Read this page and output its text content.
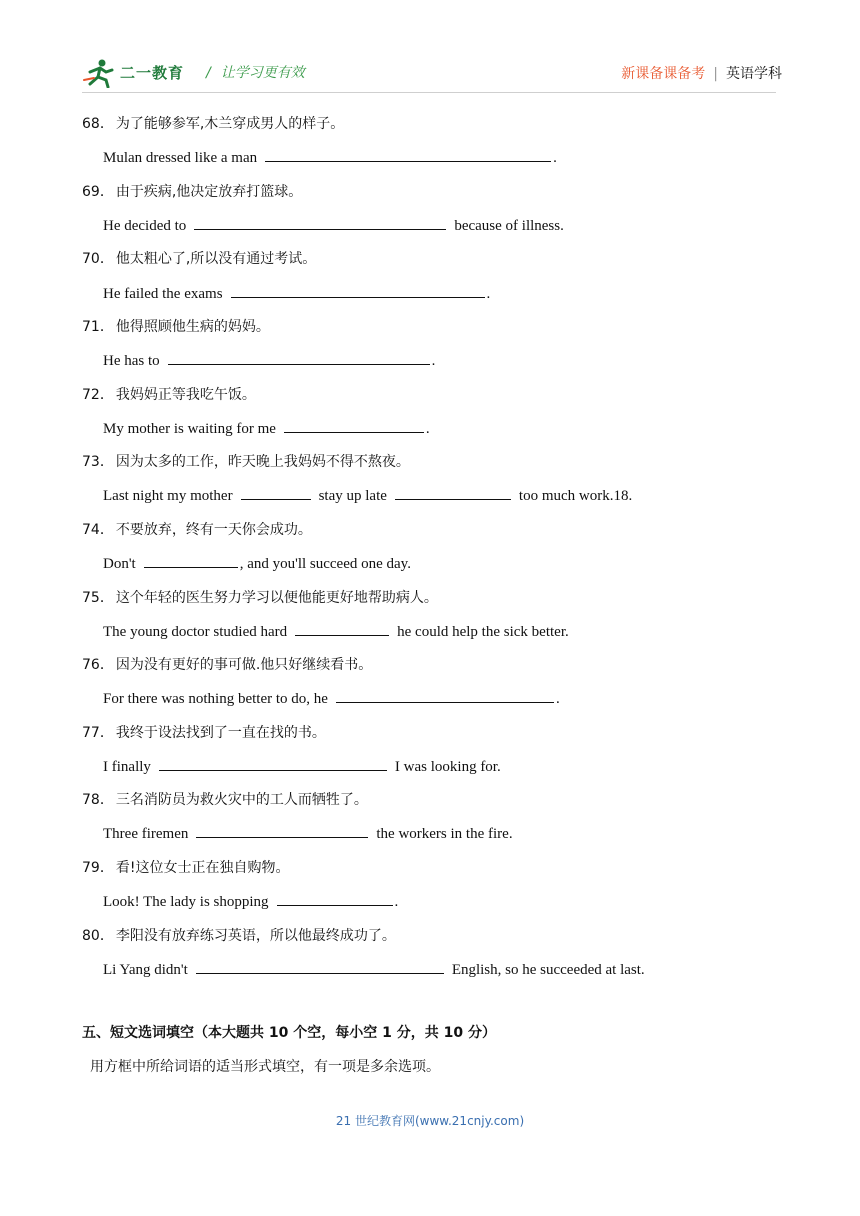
二一教育 / 让学习更有效	新课备课备考 | 英语学科
68． 为了能够参军,木兰穿成男人的样子。
Mulan dressed like a man	.
69． 由于疾病,他决定放弃打篮球。
He decided to	because of illness.
70． 他太粗心了,所以没有通过考试。
He failed the exams	.
71． 他得照顾他生病的妈妈。
He has to	.
72． 我妈妈正等我吃午饭。
My mother is waiting for me	.
73． 因为太多的工作，昨天晚上我妈妈不得不熬夜。
Last night my mother	stay up late	too much work.18.
74． 不要放弃，终有一天你会成功。
Don't	, and you'll succeed one day.
75． 这个年轻的医生努力学习以便他能更好地帮助病人。
The young doctor studied hard	he could help the sick better.
76． 因为没有更好的事可做.他只好继续看书。
For there was nothing better to do, he	.
77． 我终于设法找到了一直在找的书。
I finally	I was looking for.
78． 三名消防员为救火灾中的工人而牺牲了。
Three firemen	the workers in the fire.
79． 看!这位女士正在独自购物。
Look! The lady is shopping	.
80． 李阳没有放弃练习英语，所以他最终成功了。
Li Yang didn't	English, so he succeeded at last.
五、短文选词填空（本大题共 10 个空，每小空 1 分，共 10 分）
用方框中所给词语的适当形式填空，有一项是多余选项。
21 世纪教育网(www.21cnjy.com)
